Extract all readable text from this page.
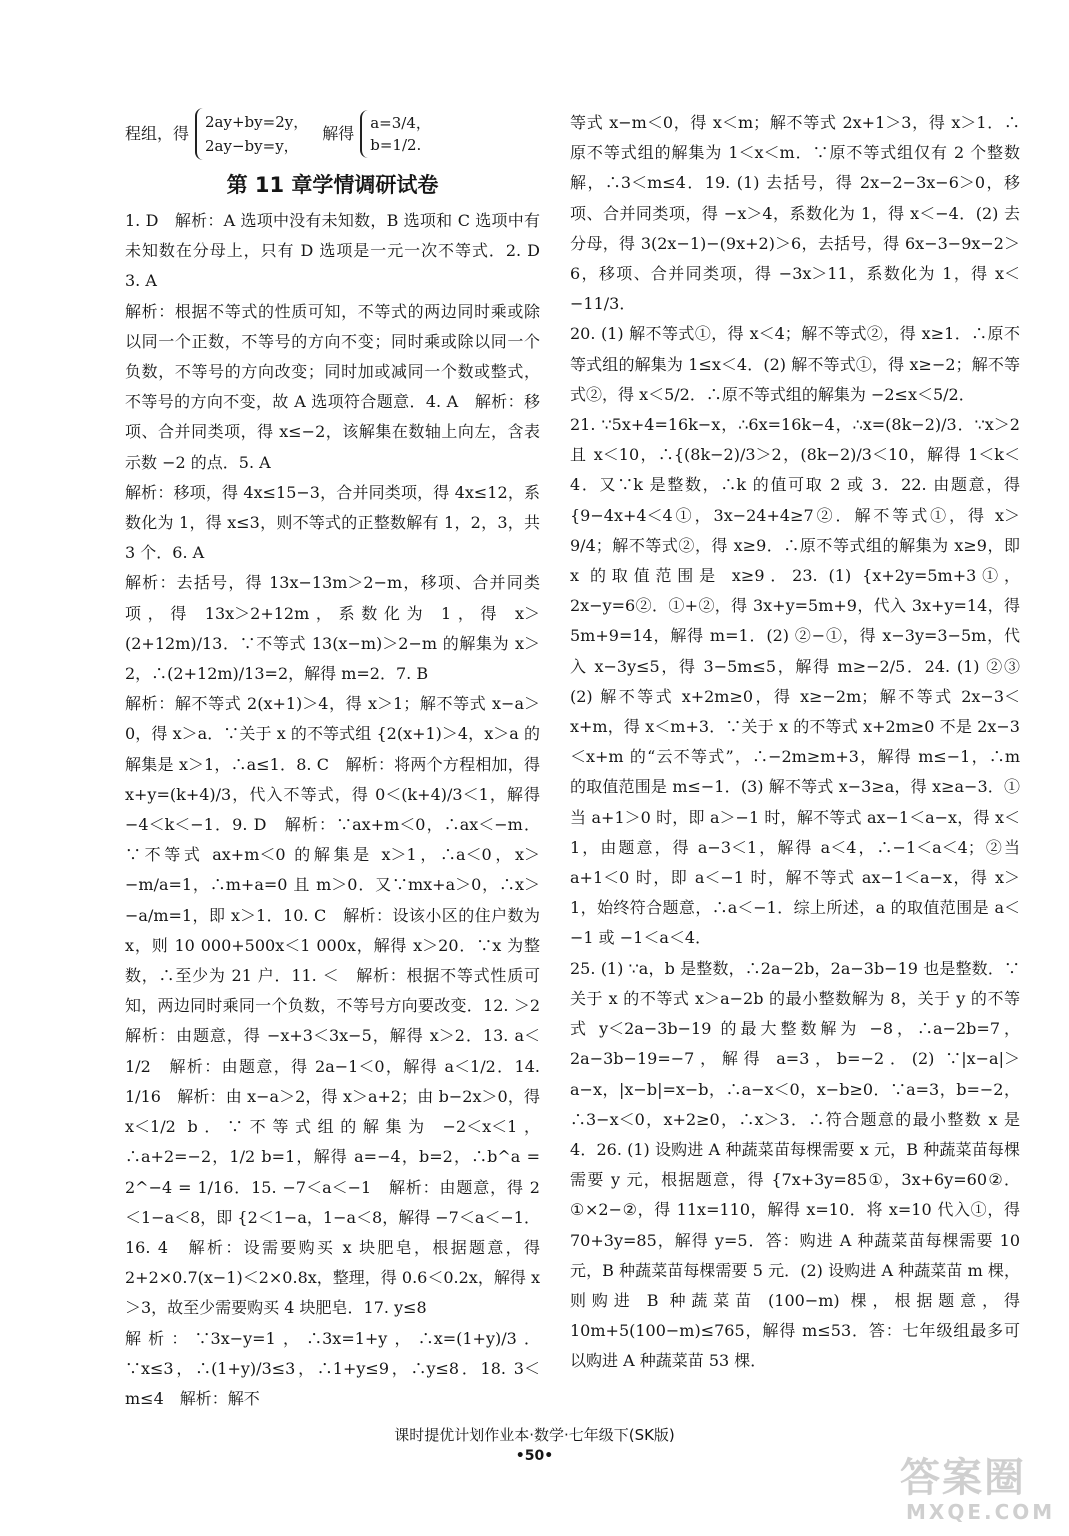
程组，得
2ay+by=2y，
2ay−by=y，
解得
a=3/4，
b=1/2.

第 11 章学情调研试卷

1. D　解析：A 选项中没有未知数，B 选项和 C 选项中有未知数在分母上，只有 D 选项是一元一次不等式．2. D　3. A

解析：根据不等式的性质可知，不等式的两边同时乘或除以同一个正数，不等号的方向不变；同时乘或除以同一个负数，不等号的方向改变；同时加或减同一个数或整式，不等号的方向不变，故 A 选项符合题意．4. A　解析：移项、合并同类项，得 x≤−2，该解集在数轴上向左，含表示数 −2 的点．5. A

解析：移项，得 4x≤15−3，合并同类项，得 4x≤12，系数化为 1，得 x≤3，则不等式的正整数解有 1，2，3，共 3 个．6. A

解析：去括号，得 13x−13m＞2−m，移项、合并同类项，得 13x＞2+12m，系数化为 1，得 x＞(2+12m)/13．∵不等式 13(x−m)＞2−m 的解集为 x＞2，∴(2+12m)/13=2，解得 m=2．7. B

解析：解不等式 2(x+1)＞4，得 x＞1；解不等式 x−a＞0，得 x＞a．∵关于 x 的不等式组 {2(x+1)＞4，x＞a 的解集是 x＞1，∴a≤1．8. C　解析：将两个方程相加，得 x+y=(k+4)/3，代入不等式，得 0＜(k+4)/3＜1，解得 −4＜k＜−1．9. D　解析：∵ax+m＜0，∴ax＜−m．∵不等式 ax+m＜0 的解集是 x＞1，∴a＜0，x＞−m/a=1，∴m+a=0 且 m＞0．又∵mx+a＞0，∴x＞−a/m=1，即 x＞1．10. C　解析：设该小区的住户数为 x，则 10 000+500x＜1 000x，解得 x＞20．∵x 为整数，∴至少为 21 户．11. ＜　解析：根据不等式性质可知，两边同时乘同一个负数，不等号方向要改变．12. ＞2　解析：由题意，得 −x+3＜3x−5，解得 x＞2．13. a＜1/2　解析：由题意，得 2a−1＜0，解得 a＜1/2．14. 1/16　解析：由 x−a＞2，得 x＞a+2；由 b−2x＞0，得 x＜1/2 b．∵不等式组的解集为 −2＜x＜1，∴a+2=−2，1/2 b=1，解得 a=−4，b=2，∴b^a = 2^−4 = 1/16．15. −7＜a＜−1　解析：由题意，得 2＜1−a＜8，即 {2＜1−a，1−a＜8，解得 −7＜a＜−1．16. 4　解析：设需要购买 x 块肥皂，根据题意，得 2+2×0.7(x−1)＜2×0.8x，整理，得 0.6＜0.2x，解得 x＞3，故至少需要购买 4 块肥皂．17. y≤8

解析：∵3x−y=1，∴3x=1+y，∴x=(1+y)/3．∵x≤3，∴(1+y)/3≤3，∴1+y≤9，∴y≤8．18. 3＜m≤4　解析：解不

等式 x−m＜0，得 x＜m；解不等式 2x+1＞3，得 x＞1．∴原不等式组的解集为 1＜x＜m．∵原不等式组仅有 2 个整数解，∴3＜m≤4．19. (1) 去括号，得 2x−2−3x−6＞0，移项、合并同类项，得 −x＞4，系数化为 1，得 x＜−4．(2) 去分母，得 3(2x−1)−(9x+2)＞6，去括号，得 6x−3−9x−2＞6，移项、合并同类项，得 −3x＞11，系数化为 1，得 x＜−11/3．

20. (1) 解不等式①，得 x＜4；解不等式②，得 x≥1．∴原不等式组的解集为 1≤x＜4．(2) 解不等式①，得 x≥−2；解不等式②，得 x＜5/2．∴原不等式组的解集为 −2≤x＜5/2．

21. ∵5x+4=16k−x，∴6x=16k−4，∴x=(8k−2)/3．∵x＞2 且 x＜10，∴{(8k−2)/3＞2，(8k−2)/3＜10，解得 1＜k＜4．又∵k 是整数，∴k 的值可取 2 或 3．22. 由题意，得 {9−4x+4＜4①，3x−24+4≥7②．解不等式①，得 x＞9/4；解不等式②，得 x≥9．∴原不等式组的解集为 x≥9，即 x 的取值范围是 x≥9．23. (1) {x+2y=5m+3①，2x−y=6②．①+②，得 3x+y=5m+9，代入 3x+y=14，得 5m+9=14，解得 m=1．(2) ②−①，得 x−3y=3−5m，代入 x−3y≤5，得 3−5m≤5，解得 m≥−2/5．24. (1) ②③　(2) 解不等式 x+2m≥0，得 x≥−2m；解不等式 2x−3＜x+m，得 x＜m+3．∵关于 x 的不等式 x+2m≥0 不是 2x−3＜x+m 的“云不等式”，∴−2m≥m+3，解得 m≤−1，∴m 的取值范围是 m≤−1．(3) 解不等式 x−3≥a，得 x≥a−3．①当 a+1＞0 时，即 a＞−1 时，解不等式 ax−1＜a−x，得 x＜1，由题意，得 a−3＜1，解得 a＜4，∴−1＜a＜4；②当 a+1＜0 时，即 a＜−1 时，解不等式 ax−1＜a−x，得 x＞1，始终符合题意，∴a＜−1．综上所述，a 的取值范围是 a＜−1 或 −1＜a＜4．

25. (1) ∵a，b 是整数，∴2a−2b，2a−3b−19 也是整数．∵关于 x 的不等式 x＞a−2b 的最小整数解为 8，关于 y 的不等式 y＜2a−3b−19 的最大整数解为 −8，∴a−2b=7，2a−3b−19=−7，解得 a=3，b=−2．(2) ∵|x−a|＞a−x，|x−b|=x−b，∴a−x＜0，x−b≥0．∵a=3，b=−2，∴3−x＜0，x+2≥0，∴x＞3．∴符合题意的最小整数 x 是 4．26. (1) 设购进 A 种蔬菜苗每棵需要 x 元，B 种蔬菜苗每棵需要 y 元，根据题意，得 {7x+3y=85①，3x+6y=60②．①×2−②，得 11x=110，解得 x=10．将 x=10 代入①，得 70+3y=85，解得 y=5．答：购进 A 种蔬菜苗每棵需要 10 元，B 种蔬菜苗每棵需要 5 元．(2) 设购进 A 种蔬菜苗 m 棵，则购进 B 种蔬菜苗 (100−m) 棵，根据题意，得 10m+5(100−m)≤765，解得 m≤53．答：七年级组最多可以购进 A 种蔬菜苗 53 棵．

课时提优计划作业本·数学·七年级下(SK版)
•50•	答案圈
MXQE.COM
